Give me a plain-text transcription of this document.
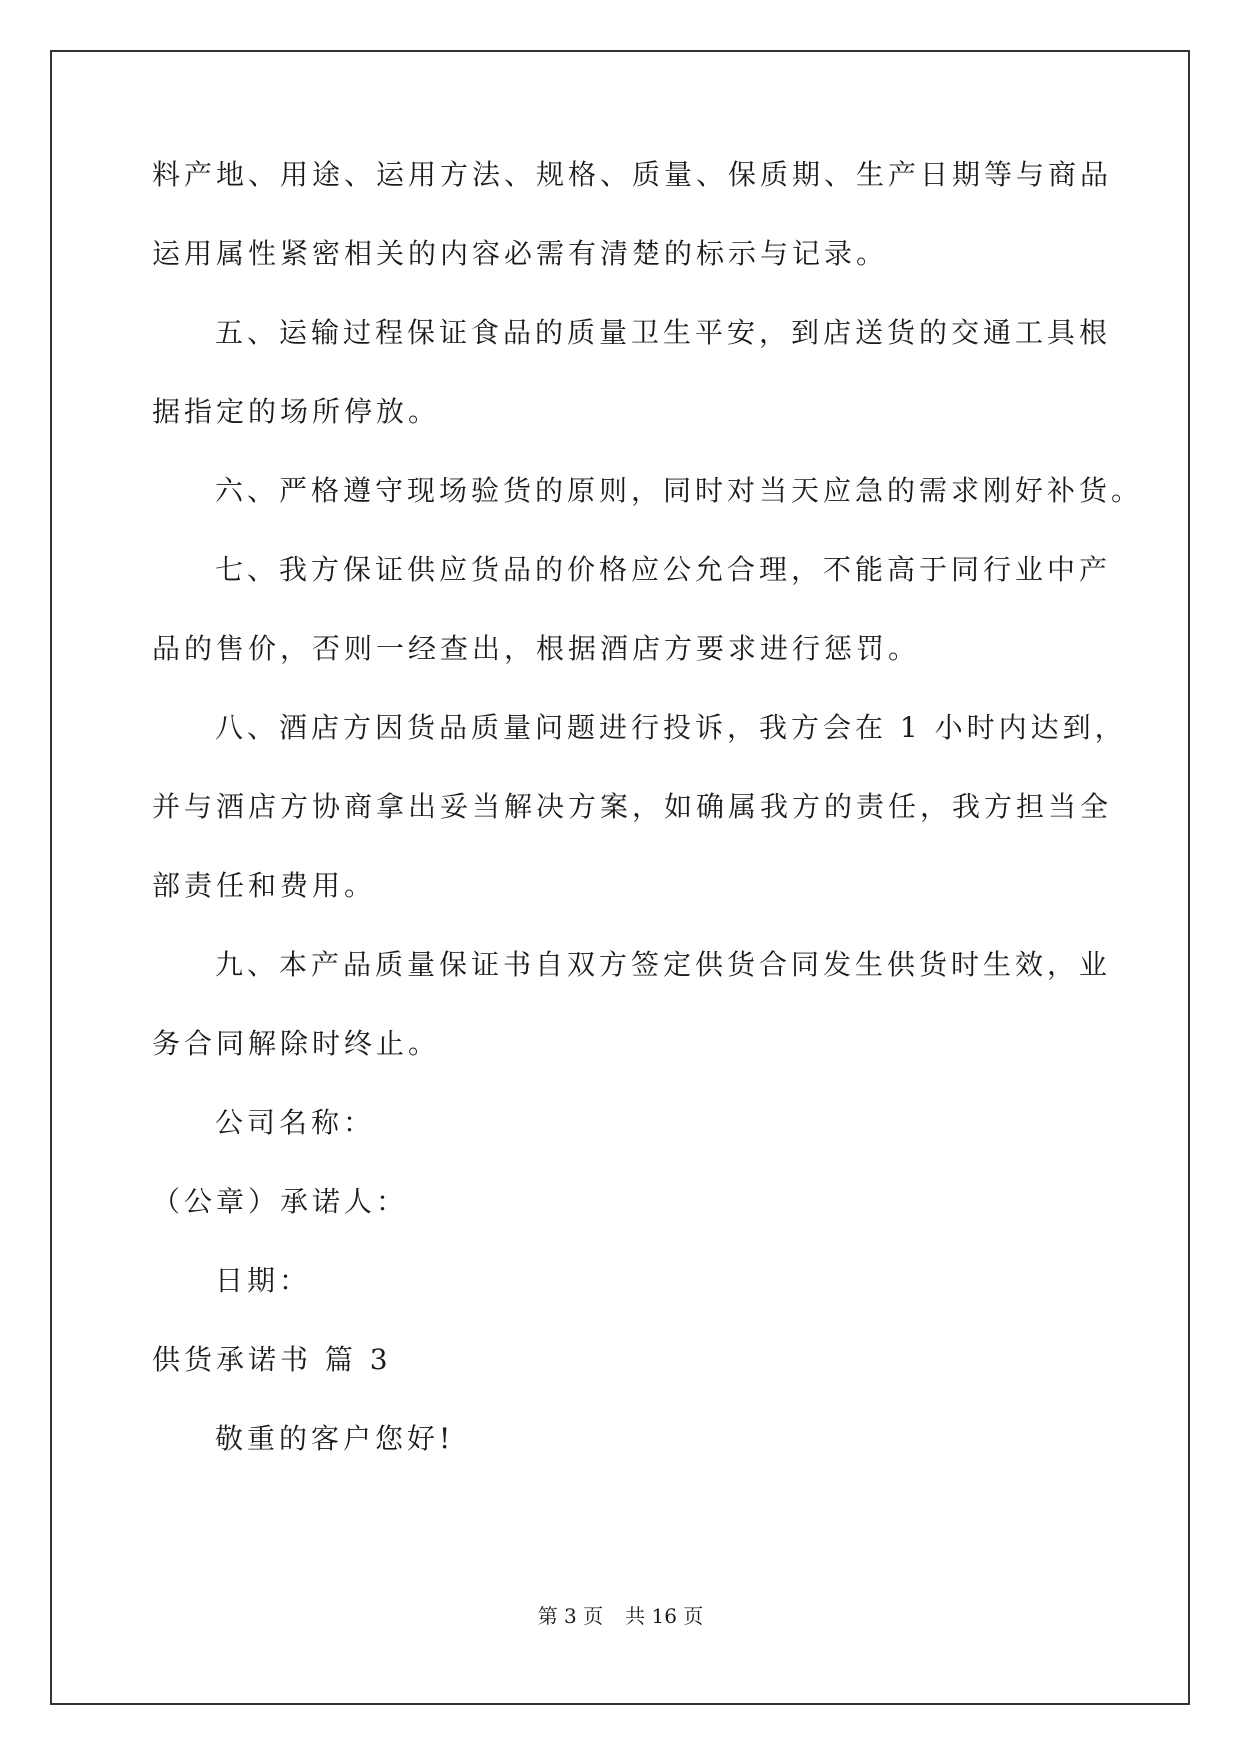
料产地、用途、运用方法、规格、质量、保质期、生产日期等与商品
运用属性紧密相关的内容必需有清楚的标示与记录。
五、运输过程保证食品的质量卫生平安，到店送货的交通工具根
据指定的场所停放。
六、严格遵守现场验货的原则，同时对当天应急的需求刚好补货。
七、我方保证供应货品的价格应公允合理，不能高于同行业中产
品的售价，否则一经查出，根据酒店方要求进行惩罚。
八、酒店方因货品质量问题进行投诉，我方会在 1 小时内达到，
并与酒店方协商拿出妥当解决方案，如确属我方的责任，我方担当全
部责任和费用。
九、本产品质量保证书自双方签定供货合同发生供货时生效，业
务合同解除时终止。
公司名称：
（公章）承诺人：
日期：
供货承诺书 篇 3
敬重的客户您好!
第 3 页 共 16 页
